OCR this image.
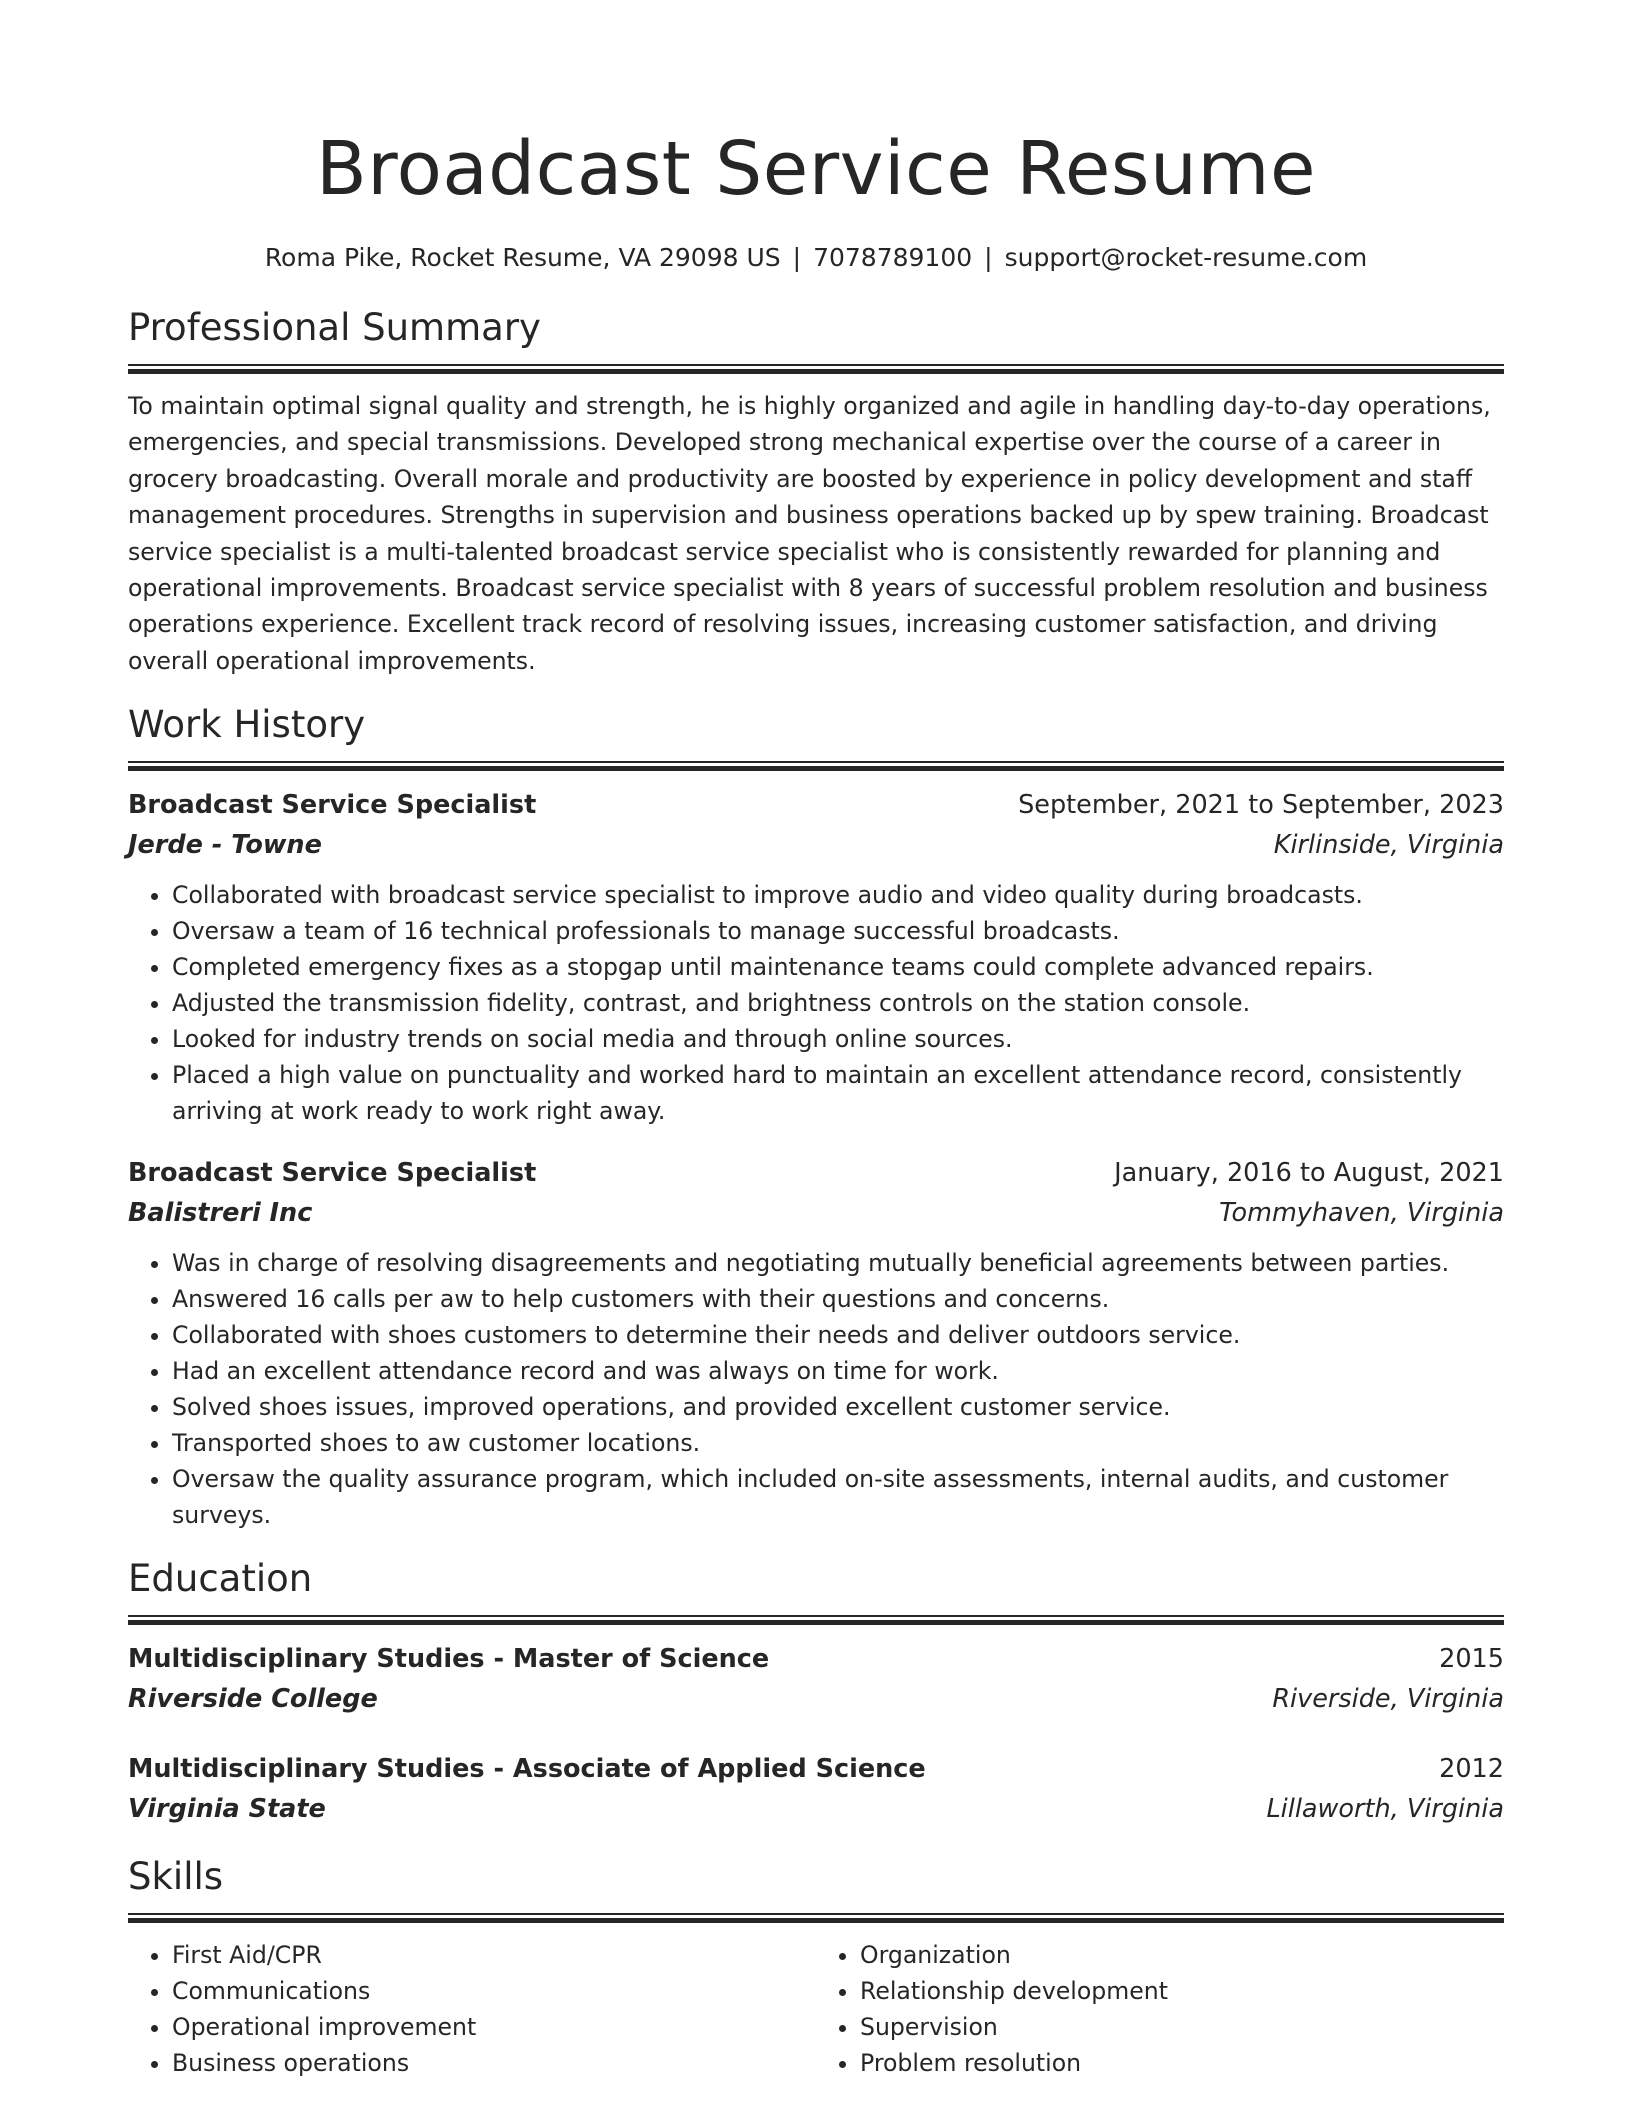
Broadcast Service Resume
Roma Pike, Rocket Resume, VA 29098 US | 7078789100 | support@rocket-resume.com
Professional Summary

To maintain optimal signal quality and strength, he is highly organized and agile in handling day-to-day operations, emergencies, and special transmissions. Developed strong mechanical expertise over the course of a career in grocery broadcasting. Overall morale and productivity are boosted by experience in policy development and staff management procedures. Strengths in supervision and business operations backed up by spew training. Broadcast service specialist is a multi-talented broadcast service specialist who is consistently rewarded for planning and operational improvements. Broadcast service specialist with 8 years of successful problem resolution and business operations experience. Excellent track record of resolving issues, increasing customer satisfaction, and driving overall operational improvements.

Work History
Broadcast Service Specialist	September, 2021 to September, 2023
Jerde - Towne	Kirlinside, Virginia
• Collaborated with broadcast service specialist to improve audio and video quality during broadcasts.
• Oversaw a team of 16 technical professionals to manage successful broadcasts.
• Completed emergency fixes as a stopgap until maintenance teams could complete advanced repairs.
• Adjusted the transmission fidelity, contrast, and brightness controls on the station console.
• Looked for industry trends on social media and through online sources.
• Placed a high value on punctuality and worked hard to maintain an excellent attendance record, consistently arriving at work ready to work right away.
Broadcast Service Specialist	January, 2016 to August, 2021
Balistreri Inc	Tommyhaven, Virginia
• Was in charge of resolving disagreements and negotiating mutually beneficial agreements between parties.
• Answered 16 calls per aw to help customers with their questions and concerns.
• Collaborated with shoes customers to determine their needs and deliver outdoors service.
• Had an excellent attendance record and was always on time for work.
• Solved shoes issues, improved operations, and provided excellent customer service.
• Transported shoes to aw customer locations.
• Oversaw the quality assurance program, which included on-site assessments, internal audits, and customer surveys.
Education
Multidisciplinary Studies - Master of Science	2015
Riverside College	Riverside, Virginia
Multidisciplinary Studies - Associate of Applied Science	2012
Virginia State	Lillaworth, Virginia
Skills
• First Aid/CPR
• Communications
• Operational improvement
• Business operations
• Organization
• Relationship development
• Supervision
• Problem resolution
